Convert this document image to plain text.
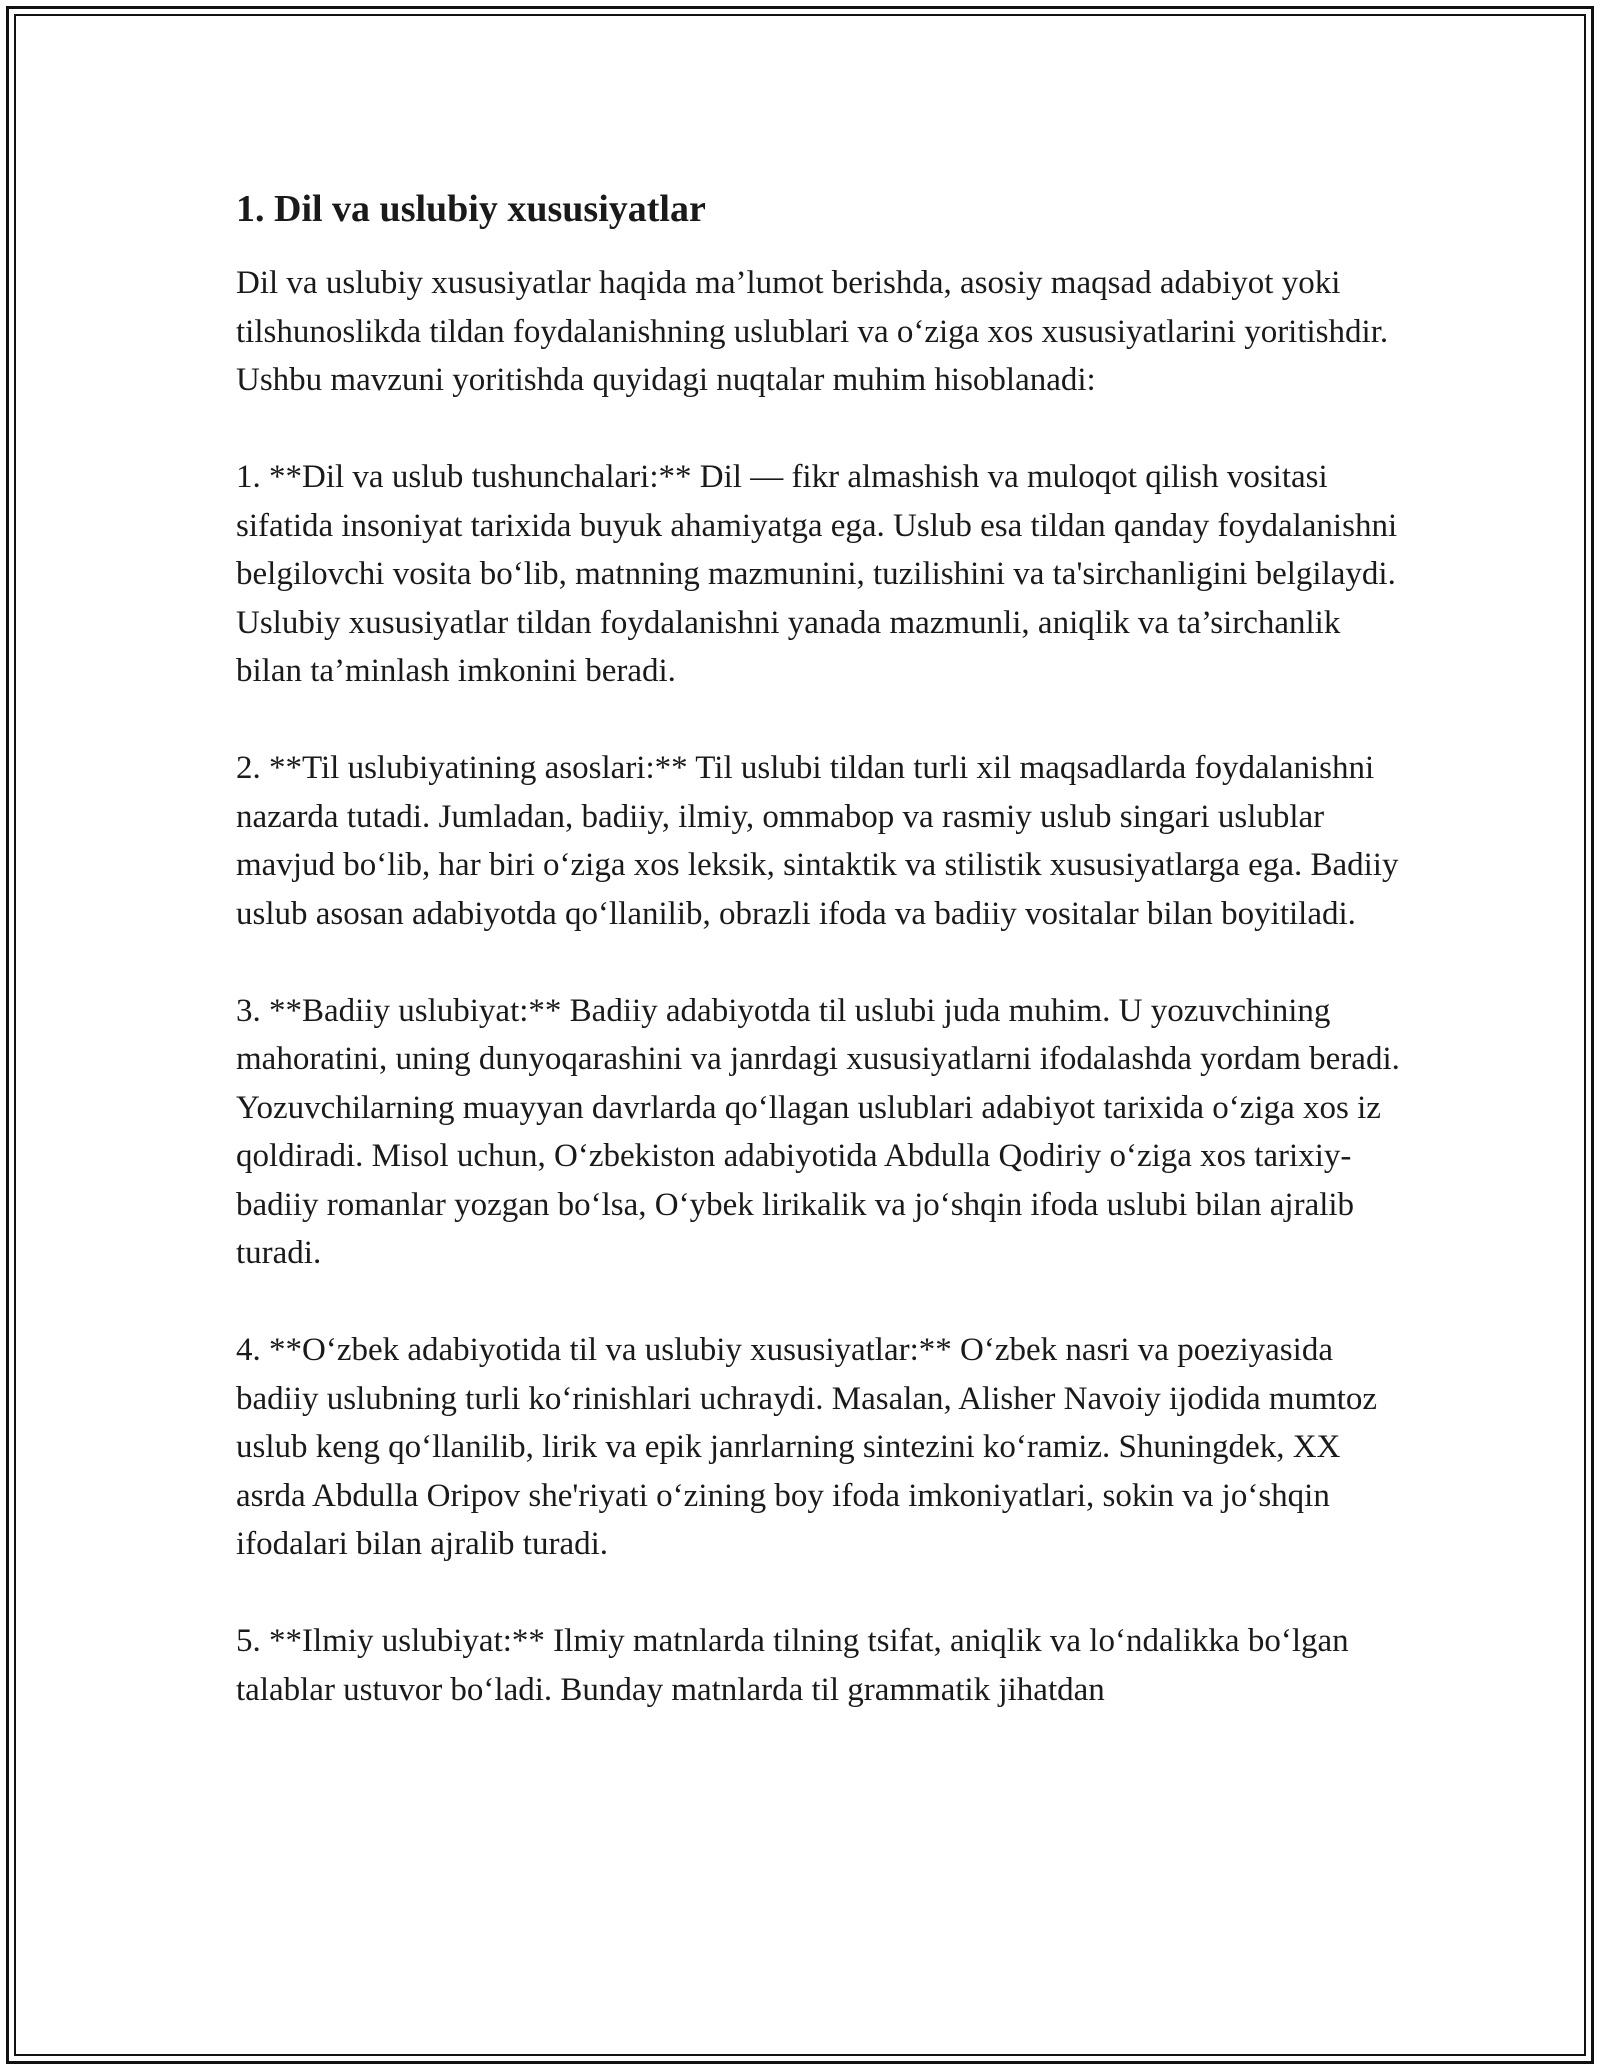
1. Dil va uslubiy xususiyatlar

Dil va uslubiy xususiyatlar haqida ma’lumot berishda, asosiy maqsad adabiyot yoki tilshunoslikda tildan foydalanishning uslublari va o‘ziga xos xususiyatlarini yoritishdir. Ushbu mavzuni yoritishda quyidagi nuqtalar muhim hisoblanadi:

1. **Dil va uslub tushunchalari:** Dil — fikr almashish va muloqot qilish vositasi sifatida insoniyat tarixida buyuk ahamiyatga ega. Uslub esa tildan qanday foydalanishni belgilovchi vosita bo‘lib, matnning mazmunini, tuzilishini va ta'sirchanligini belgilaydi. Uslubiy xususiyatlar tildan foydalanishni yanada mazmunli, aniqlik va ta’sirchanlik bilan ta’minlash imkonini beradi.

2. **Til uslubiyatining asoslari:** Til uslubi tildan turli xil maqsadlarda foydalanishni nazarda tutadi. Jumladan, badiiy, ilmiy, ommabop va rasmiy uslub singari uslublar mavjud bo‘lib, har biri o‘ziga xos leksik, sintaktik va stilistik xususiyatlarga ega. Badiiy uslub asosan adabiyotda qo‘llanilib, obrazli ifoda va badiiy vositalar bilan boyitiladi.

3. **Badiiy uslubiyat:** Badiiy adabiyotda til uslubi juda muhim. U yozuvchining mahoratini, uning dunyoqarashini va janrdagi xususiyatlarni ifodalashda yordam beradi. Yozuvchilarning muayyan davrlarda qo‘llagan uslublari adabiyot tarixida o‘ziga xos iz qoldiradi. Misol uchun, O‘zbekiston adabiyotida Abdulla Qodiriy o‘ziga xos tarixiy-badiiy romanlar yozgan bo‘lsa, O‘ybek lirikalik va jo‘shqin ifoda uslubi bilan ajralib turadi.

4. **O‘zbek adabiyotida til va uslubiy xususiyatlar:** O‘zbek nasri va poeziyasida badiiy uslubning turli ko‘rinishlari uchraydi. Masalan, Alisher Navoiy ijodida mumtoz uslub keng qo‘llanilib, lirik va epik janrlarning sintezini ko‘ramiz. Shuningdek, XX asrda Abdulla Oripov she'riyati o‘zining boy ifoda imkoniyatlari, sokin va jo‘shqin ifodalari bilan ajralib turadi.

5. **Ilmiy uslubiyat:** Ilmiy matnlarda tilning tsifat, aniqlik va lo‘ndalikka bo‘lgan talablar ustuvor bo‘ladi. Bunday matnlarda til grammatik jihatdan
